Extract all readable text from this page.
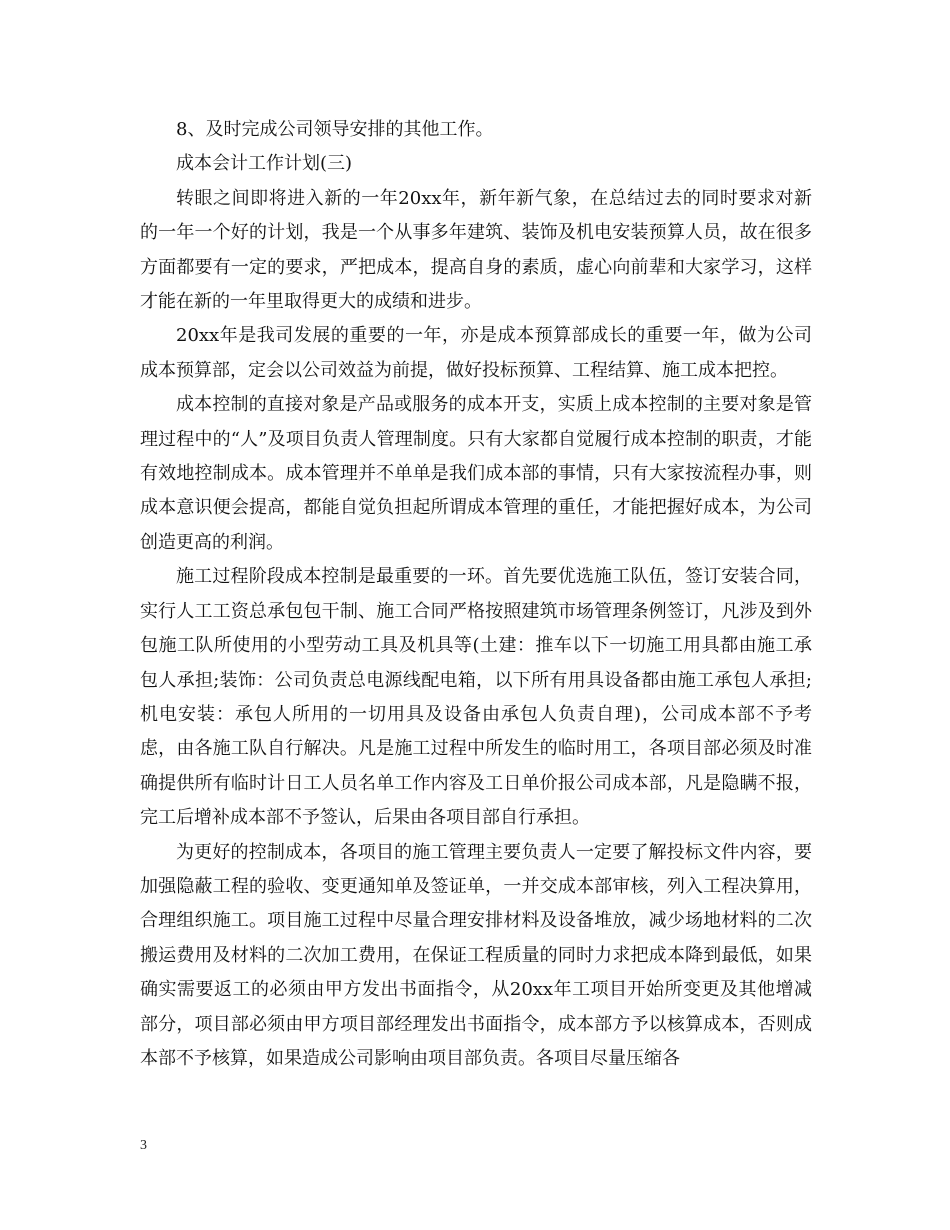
8、及时完成公司领导安排的其他工作。

成本会计工作计划(三)

转眼之间即将进入新的一年20xx年，新年新气象，在总结过去的同时要求对新的一年一个好的计划，我是一个从事多年建筑、装饰及机电安装预算人员，故在很多方面都要有一定的要求，严把成本，提高自身的素质，虚心向前辈和大家学习，这样才能在新的一年里取得更大的成绩和进步。

20xx年是我司发展的重要的一年，亦是成本预算部成长的重要一年，做为公司成本预算部，定会以公司效益为前提，做好投标预算、工程结算、施工成本把控。

成本控制的直接对象是产品或服务的成本开支，实质上成本控制的主要对象是管理过程中的“人”及项目负责人管理制度。只有大家都自觉履行成本控制的职责，才能有效地控制成本。成本管理并不单单是我们成本部的事情，只有大家按流程办事，则成本意识便会提高，都能自觉负担起所谓成本管理的重任，才能把握好成本，为公司创造更高的利润。

施工过程阶段成本控制是最重要的一环。首先要优选施工队伍，签订安装合同，实行人工工资总承包包干制、施工合同严格按照建筑市场管理条例签订，凡涉及到外包施工队所使用的小型劳动工具及机具等(土建：推车以下一切施工用具都由施工承包人承担;装饰：公司负责总电源线配电箱，以下所有用具设备都由施工承包人承担;机电安装：承包人所用的一切用具及设备由承包人负责自理)，公司成本部不予考虑，由各施工队自行解决。凡是施工过程中所发生的临时用工，各项目部必须及时准确提供所有临时计日工人员名单工作内容及工日单价报公司成本部，凡是隐瞒不报，完工后增补成本部不予签认，后果由各项目部自行承担。

为更好的控制成本，各项目的施工管理主要负责人一定要了解投标文件内容，要加强隐蔽工程的验收、变更通知单及签证单，一并交成本部审核，列入工程决算用，合理组织施工。项目施工过程中尽量合理安排材料及设备堆放，减少场地材料的二次搬运费用及材料的二次加工费用，在保证工程质量的同时力求把成本降到最低，如果确实需要返工的必须由甲方发出书面指令，从20xx年工项目开始所变更及其他增减部分，项目部必须由甲方项目部经理发出书面指令，成本部方予以核算成本，否则成本部不予核算，如果造成公司影响由项目部负责。各项目尽量压缩各

3
